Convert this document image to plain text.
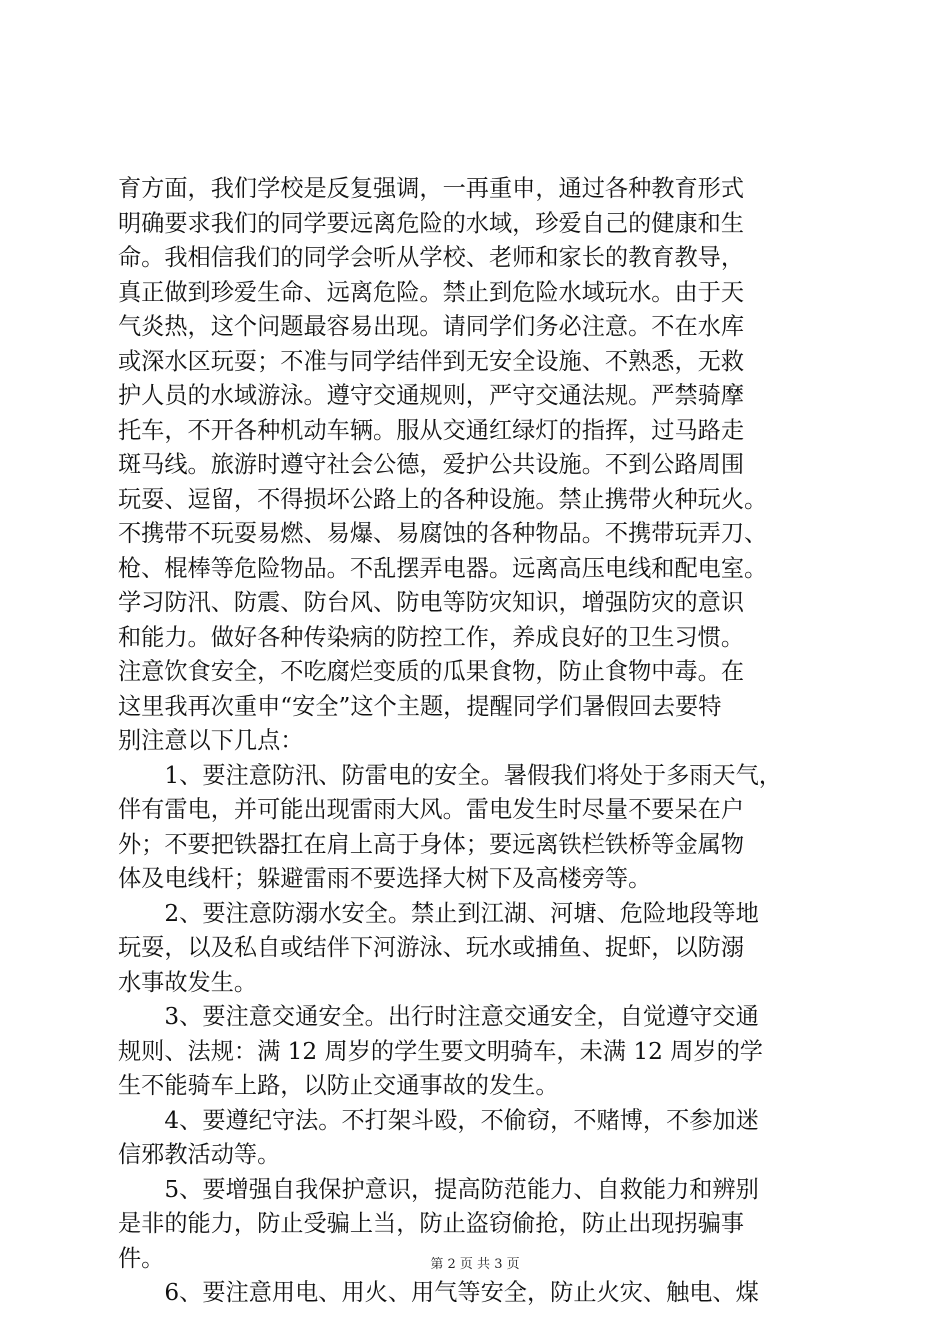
育方面，我们学校是反复强调，一再重申，通过各种教育形式
明确要求我们的同学要远离危险的水域，珍爱自己的健康和生
命。我相信我们的同学会听从学校、老师和家长的教育教导，
真正做到珍爱生命、远离危险。禁止到危险水域玩水。由于天
气炎热，这个问题最容易出现。请同学们务必注意。不在水库
或深水区玩耍；不准与同学结伴到无安全设施、不熟悉，无救
护人员的水域游泳。遵守交通规则，严守交通法规。严禁骑摩
托车，不开各种机动车辆。服从交通红绿灯的指挥，过马路走
斑马线。旅游时遵守社会公德，爱护公共设施。不到公路周围
玩耍、逗留，不得损坏公路上的各种设施。禁止携带火种玩火。
不携带不玩耍易燃、易爆、易腐蚀的各种物品。不携带玩弄刀、
枪、棍棒等危险物品。不乱摆弄电器。远离高压电线和配电室。
学习防汛、防震、防台风、防电等防灾知识，增强防灾的意识
和能力。做好各种传染病的防控工作，养成良好的卫生习惯。
注意饮食安全，不吃腐烂变质的瓜果食物，防止食物中毒。在
这里我再次重申“安全”这个主题，提醒同学们暑假回去要特
别注意以下几点：
　　1、要注意防汛、防雷电的安全。暑假我们将处于多雨天气，
伴有雷电，并可能出现雷雨大风。雷电发生时尽量不要呆在户
外；不要把铁器扛在肩上高于身体；要远离铁栏铁桥等金属物
体及电线杆；躲避雷雨不要选择大树下及高楼旁等。
　　2、要注意防溺水安全。禁止到江湖、河塘、危险地段等地
玩耍，以及私自或结伴下河游泳、玩水或捕鱼、捉虾，以防溺
水事故发生。
　　3、要注意交通安全。出行时注意交通安全，自觉遵守交通
规则、法规：满 12 周岁的学生要文明骑车，未满 12 周岁的学
生不能骑车上路，以防止交通事故的发生。
　　4、要遵纪守法。不打架斗殴，不偷窃，不赌博，不参加迷
信邪教活动等。
　　5、要增强自我保护意识，提高防范能力、自救能力和辨别
是非的能力，防止受骗上当，防止盗窃偷抢，防止出现拐骗事
件。
　　6、要注意用电、用火、用气等安全，防止火灾、触电、煤
第 2 页 共 3 页
